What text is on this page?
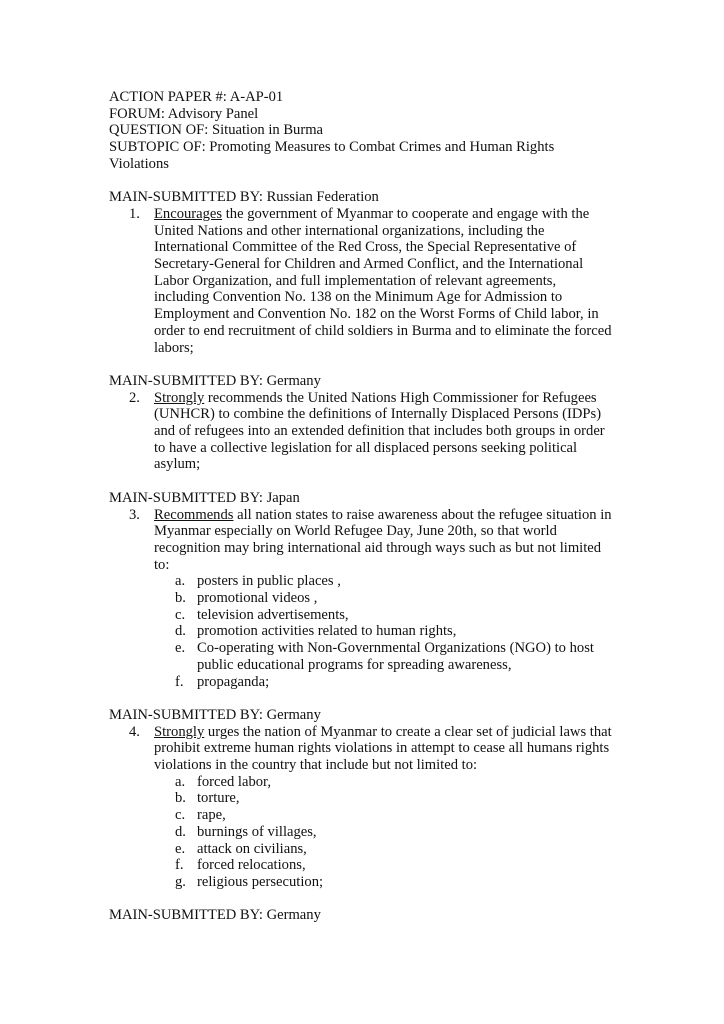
ACTION PAPER #: A-AP-01

FORUM: Advisory Panel

QUESTION OF: Situation in Burma

SUBTOPIC OF: Promoting Measures to Combat Crimes and Human Rights

Violations

MAIN-SUBMITTED BY: Russian Federation

1. Encourages the government of Myanmar to cooperate and engage with the
United Nations and other international organizations, including the
International Committee of the Red Cross, the Special Representative of
Secretary-General for Children and Armed Conflict, and the International
Labor Organization, and full implementation of relevant agreements,
including Convention No. 138 on the Minimum Age for Admission to
Employment and Convention No. 182 on the Worst Forms of Child labor, in
order to end recruitment of child soldiers in Burma and to eliminate the forced
labors;

MAIN-SUBMITTED BY: Germany

2. Strongly recommends the United Nations High Commissioner for Refugees
(UNHCR) to combine the definitions of Internally Displaced Persons (IDPs)
and of refugees into an extended definition that includes both groups in order
to have a collective legislation for all displaced persons seeking political
asylum;

MAIN-SUBMITTED BY: Japan

3. Recommends all nation states to raise awareness about the refugee situation in
Myanmar especially on World Refugee Day, June 20th, so that world
recognition may bring international aid through ways such as but not limited
to:
a. posters in public places ,
b. promotional videos ,
c. television advertisements,
d. promotion activities related to human rights,
e. Co-operating with Non-Governmental Organizations (NGO) to host
public educational programs for spreading awareness,
f. propaganda;

MAIN-SUBMITTED BY: Germany

4. Strongly urges the nation of Myanmar to create a clear set of judicial laws that
prohibit extreme human rights violations in attempt to cease all humans rights
violations in the country that include but not limited to:
a. forced labor,
b. torture,
c. rape,
d. burnings of villages,
e. attack on civilians,
f. forced relocations,
g. religious persecution;

MAIN-SUBMITTED BY: Germany
